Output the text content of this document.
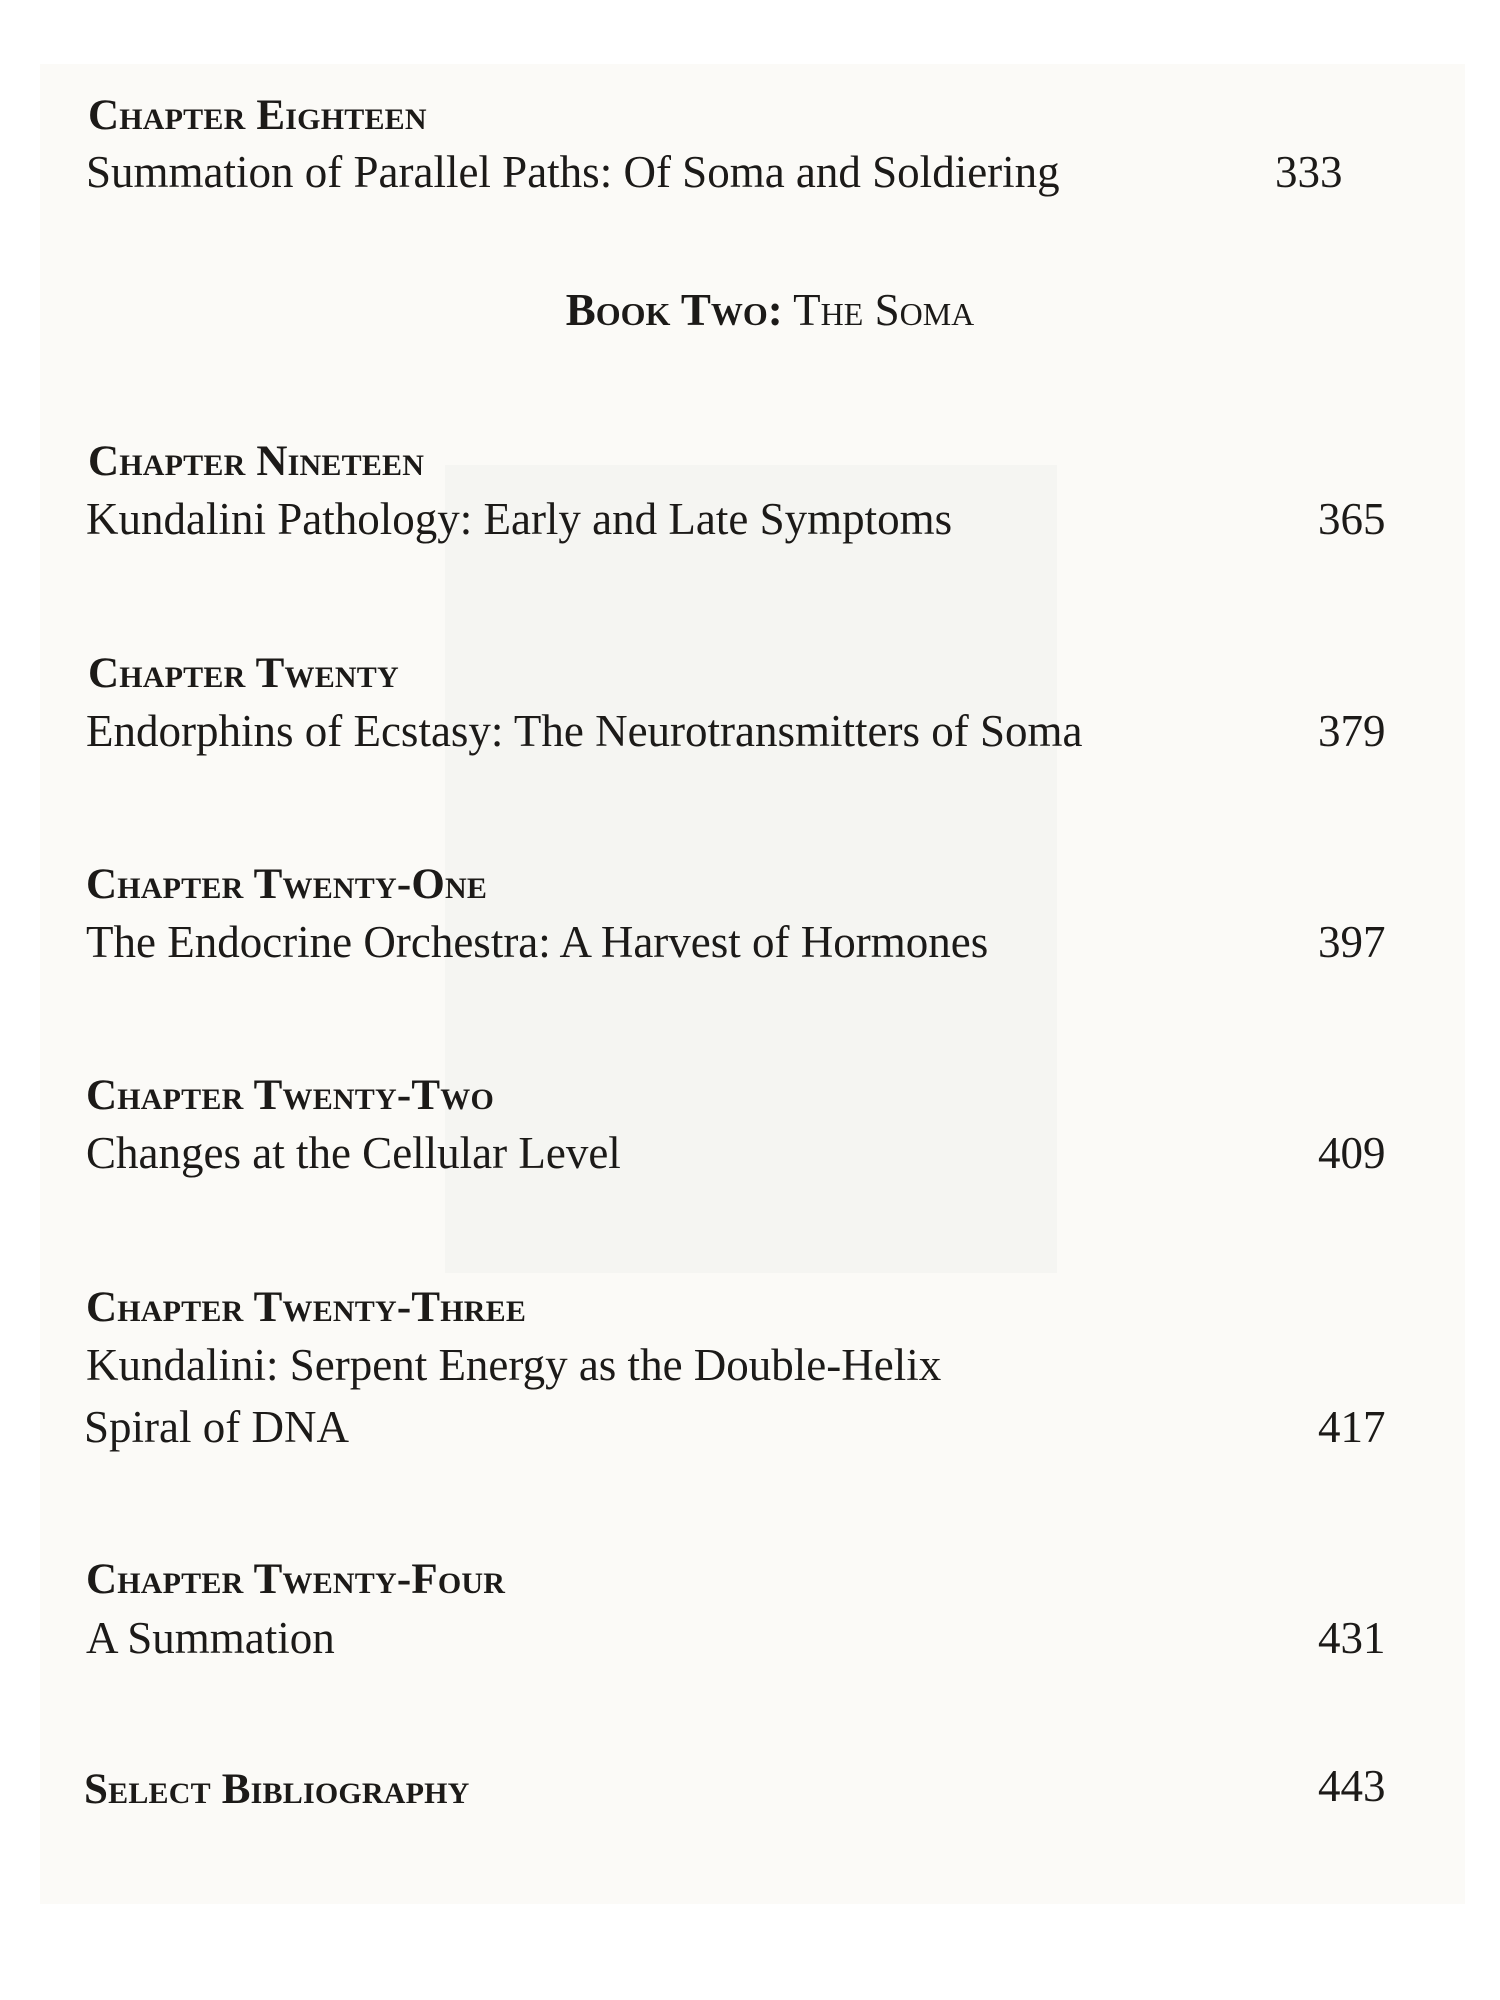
Chapter Eighteen
Summation of Parallel Paths: Of Soma and Soldiering	333
Book Two: The Soma
Chapter Nineteen
Kundalini Pathology: Early and Late Symptoms	365
Chapter Twenty
Endorphins of Ecstasy: The Neurotransmitters of Soma	379
Chapter Twenty-One
The Endocrine Orchestra: A Harvest of Hormones	397
Chapter Twenty-Two
Changes at the Cellular Level	409
Chapter Twenty-Three
Kundalini: Serpent Energy as the Double-Helix
Spiral of DNA	417
Chapter Twenty-Four
A Summation	431
Select Bibliography	443
